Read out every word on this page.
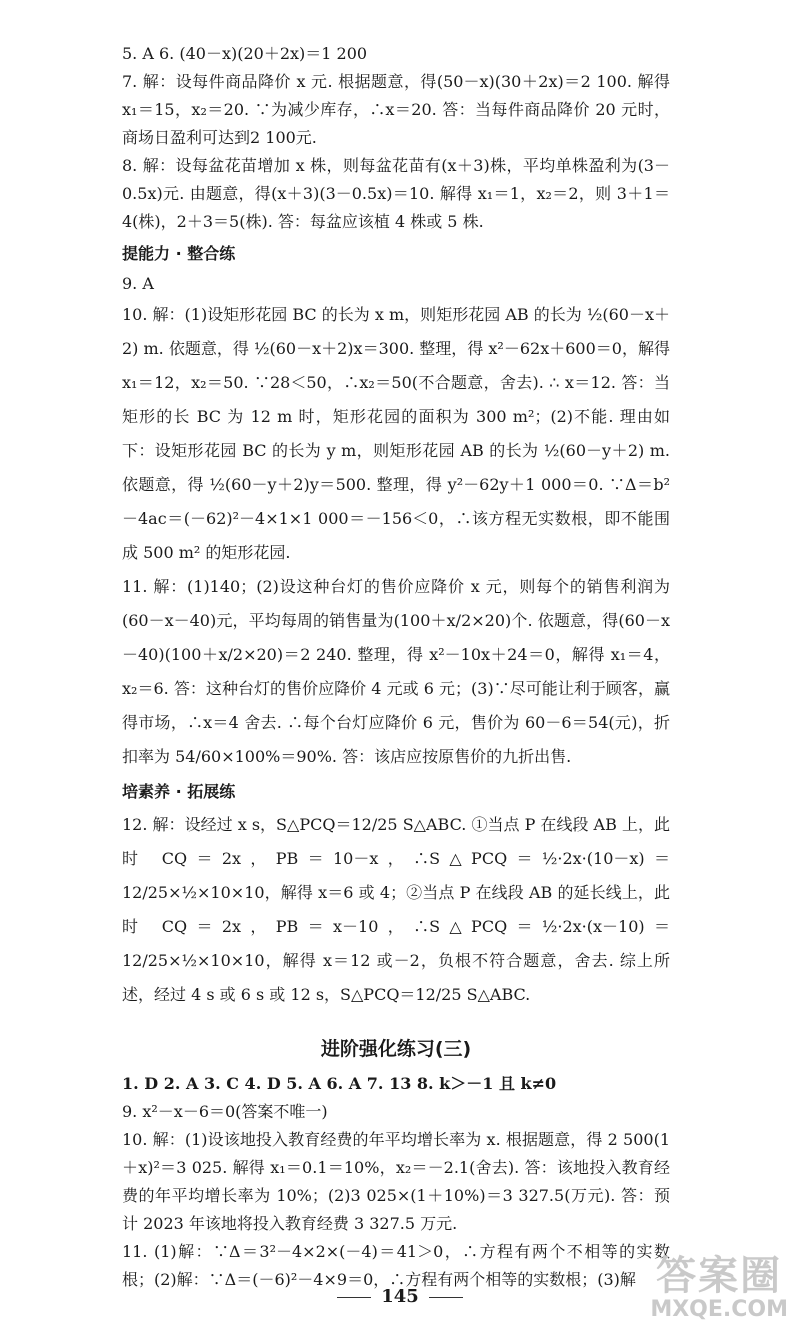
5. A 6. (40－x)(20＋2x)＝1 200

7. 解：设每件商品降价 x 元. 根据题意，得(50－x)(30＋2x)＝2 100. 解得 x₁＝15，x₂＝20. ∵为减少库存，∴x＝20. 答：当每件商品降价 20 元时，商场日盈利可达到2 100元.

8. 解：设每盆花苗增加 x 株，则每盆花苗有(x＋3)株，平均单株盈利为(3－0.5x)元. 由题意，得(x＋3)(3－0.5x)＝10. 解得 x₁＝1，x₂＝2，则 3＋1＝4(株)，2＋3＝5(株). 答：每盆应该植 4 株或 5 株.

提能力 · 整合练

9. A

10. 解：(1)设矩形花园 BC 的长为 x m，则矩形花园 AB 的长为 ½(60－x＋2) m. 依题意，得 ½(60－x＋2)x＝300. 整理，得 x²－62x＋600＝0，解得 x₁＝12，x₂＝50. ∵28＜50，∴x₂＝50(不合题意，舍去). ∴ x＝12. 答：当矩形的长 BC 为 12 m 时，矩形花园的面积为 300 m²；(2)不能. 理由如下：设矩形花园 BC 的长为 y m，则矩形花园 AB 的长为 ½(60－y＋2) m. 依题意，得 ½(60－y＋2)y＝500. 整理，得 y²－62y＋1 000＝0. ∵Δ＝b²－4ac＝(－62)²－4×1×1 000＝－156＜0，∴该方程无实数根，即不能围成 500 m² 的矩形花园.

11. 解：(1)140；(2)设这种台灯的售价应降价 x 元，则每个的销售利润为(60－x－40)元，平均每周的销售量为(100＋x/2×20)个. 依题意，得(60－x－40)(100＋x/2×20)＝2 240. 整理，得 x²－10x＋24＝0，解得 x₁＝4，x₂＝6. 答：这种台灯的售价应降价 4 元或 6 元；(3)∵尽可能让利于顾客，赢得市场，∴x＝4 舍去. ∴每个台灯应降价 6 元，售价为 60－6＝54(元)，折扣率为 54/60×100%＝90%. 答：该店应按原售价的九折出售.

培素养 · 拓展练

12. 解：设经过 x s，S△PCQ＝12/25 S△ABC. ①当点 P 在线段 AB 上，此时 CQ＝2x，PB＝10－x，∴S△PCQ＝½·2x·(10－x)＝12/25×½×10×10，解得 x＝6 或 4；②当点 P 在线段 AB 的延长线上，此时 CQ＝2x，PB＝x－10，∴S△PCQ＝½·2x·(x－10)＝12/25×½×10×10，解得 x＝12 或－2，负根不符合题意，舍去. 综上所述，经过 4 s 或 6 s 或 12 s，S△PCQ＝12/25 S△ABC.

进阶强化练习(三)

1. D 2. A 3. C 4. D 5. A 6. A 7. 13 8. k＞－1 且 k≠0

9. x²－x－6＝0(答案不唯一)

10. 解：(1)设该地投入教育经费的年平均增长率为 x. 根据题意，得 2 500(1＋x)²＝3 025. 解得 x₁＝0.1＝10%，x₂＝－2.1(舍去). 答：该地投入教育经费的年平均增长率为 10%；(2)3 025×(1＋10%)＝3 327.5(万元). 答：预计 2023 年该地将投入教育经费 3 327.5 万元.

11. (1)解：∵Δ＝3²－4×2×(－4)＝41＞0，∴方程有两个不相等的实数根；(2)解：∵Δ＝(－6)²－4×9＝0，∴方程有两个相等的实数根；(3)解

145	答案圈
MXQE.COM
